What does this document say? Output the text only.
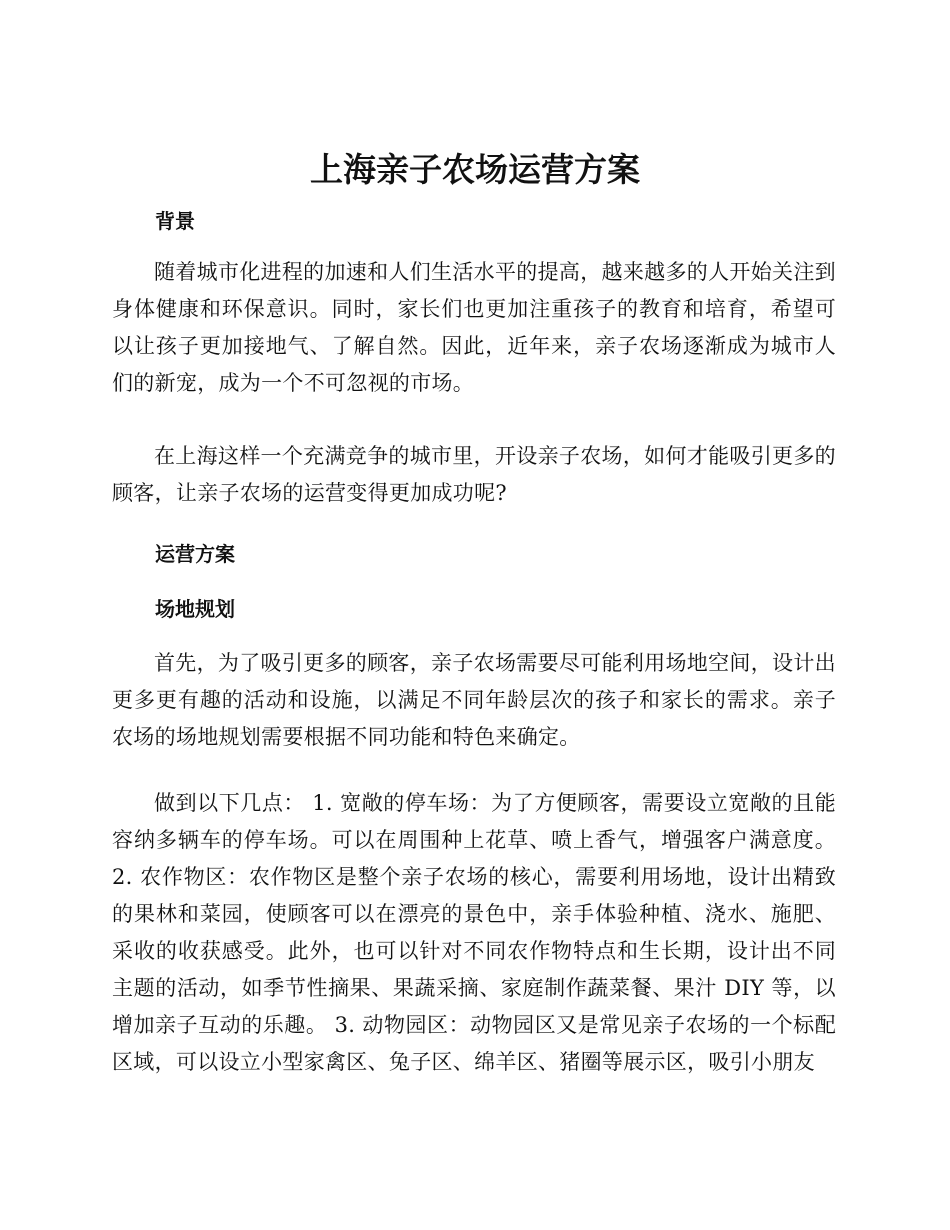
上海亲子农场运营方案
背景

随着城市化进程的加速和人们生活水平的提高，越来越多的人开始关注到身体健康和环保意识。同时，家长们也更加注重孩子的教育和培育，希望可以让孩子更加接地气、了解自然。因此，近年来，亲子农场逐渐成为城市人们的新宠，成为一个不可忽视的市场。

在上海这样一个充满竞争的城市里，开设亲子农场，如何才能吸引更多的顾客，让亲子农场的运营变得更加成功呢?

运营方案
场地规划

首先，为了吸引更多的顾客，亲子农场需要尽可能利用场地空间，设计出更多更有趣的活动和设施，以满足不同年龄层次的孩子和家长的需求。亲子农场的场地规划需要根据不同功能和特色来确定。

做到以下几点： 1. 宽敞的停车场：为了方便顾客，需要设立宽敞的且能容纳多辆车的停车场。可以在周围种上花草、喷上香气，增强客户满意度。 2. 农作物区：农作物区是整个亲子农场的核心，需要利用场地，设计出精致的果林和菜园，使顾客可以在漂亮的景色中，亲手体验种植、浇水、施肥、采收的收获感受。此外，也可以针对不同农作物特点和生长期，设计出不同主题的活动，如季节性摘果、果蔬采摘、家庭制作蔬菜餐、果汁 DIY 等，以增加亲子互动的乐趣。 3. 动物园区：动物园区又是常见亲子农场的一个标配区域，可以设立小型家禽区、兔子区、绵羊区、猪圈等展示区，吸引小朋友
